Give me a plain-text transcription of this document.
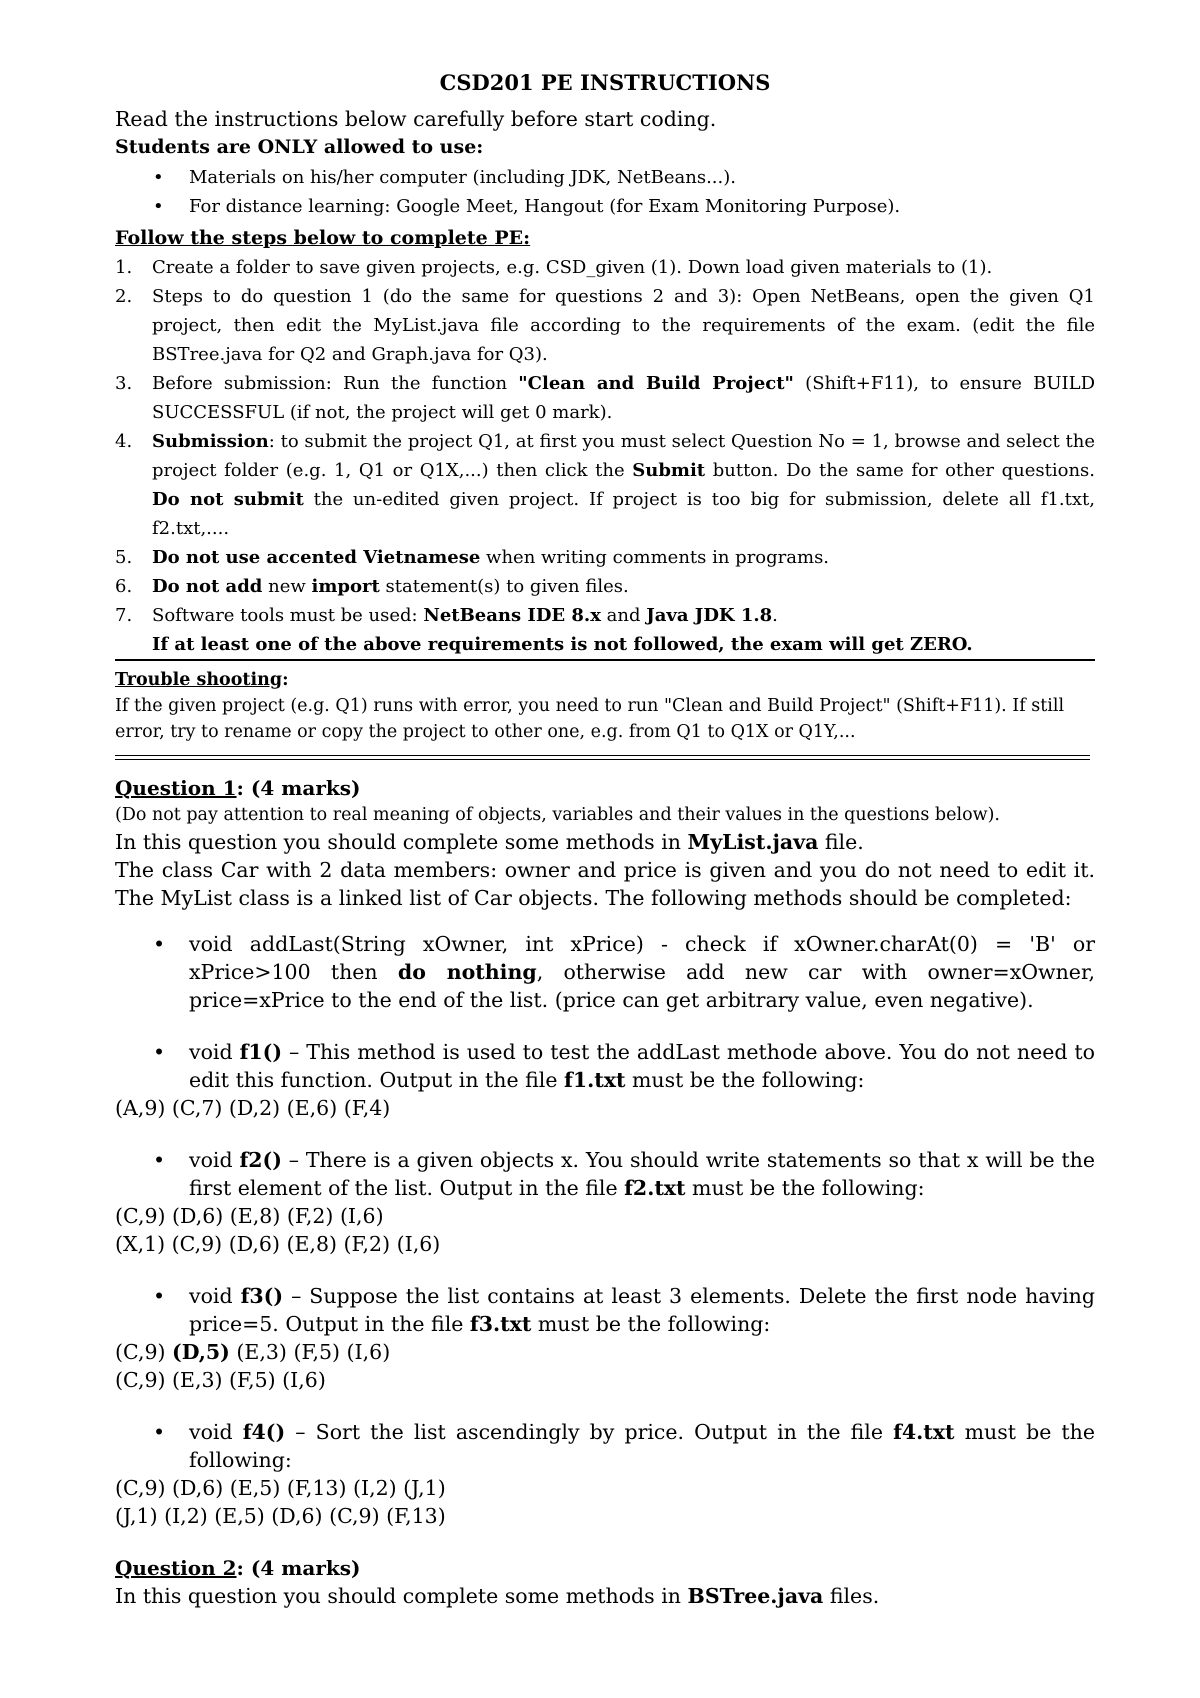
CSD201 PE INSTRUCTIONS

Read the instructions below carefully before start coding.

Students are ONLY allowed to use:

• Materials on his/her computer (including JDK, NetBeans...).
• For distance learning: Google Meet, Hangout (for Exam Monitoring Purpose).

Follow the steps below to complete PE:

1. Create a folder to save given projects, e.g. CSD_given (1). Down load given materials to (1).
2. Steps to do question 1 (do the same for questions 2 and 3): Open NetBeans, open the given Q1 project, then edit the MyList.java file according to the requirements of the exam. (edit the file BSTree.java for Q2 and Graph.java for Q3).
3. Before submission: Run the function "Clean and Build Project" (Shift+F11), to ensure BUILD SUCCESSFUL (if not, the project will get 0 mark).
4. Submission: to submit the project Q1, at first you must select Question No = 1, browse and select the project folder (e.g. 1, Q1 or Q1X,...) then click the Submit button. Do the same for other questions. Do not submit the un-edited given project. If project is too big for submission, delete all f1.txt, f2.txt,....
5. Do not use accented Vietnamese when writing comments in programs.
6. Do not add new import statement(s) to given files.
7. Software tools must be used: NetBeans IDE 8.x and Java JDK 1.8.
If at least one of the above requirements is not followed, the exam will get ZERO.
Trouble shooting:
If the given project (e.g. Q1) runs with error, you need to run "Clean and Build Project" (Shift+F11). If still error, try to rename or copy the project to other one, e.g. from Q1 to Q1X or Q1Y,...
Question 1: (4 marks)
(Do not pay attention to real meaning of objects, variables and their values in the questions below).
In this question you should complete some methods in MyList.java file.
The class Car with 2 data members: owner and price is given and you do not need to edit it. The MyList class is a linked list of Car objects. The following methods should be completed:
• void addLast(String xOwner, int xPrice) - check if xOwner.charAt(0) = 'B' or xPrice>100 then do nothing, otherwise add new car with owner=xOwner, price=xPrice to the end of the list. (price can get arbitrary value, even negative).
• void f1() – This method is used to test the addLast methode above. You do not need to edit this function. Output in the file f1.txt must be the following:

(A,9) (C,7) (D,2) (E,6) (F,4)

• void f2() – There is a given objects x. You should write statements so that x will be the first element of the list. Output in the file f2.txt must be the following:

(C,9) (D,6) (E,8) (F,2) (I,6)

(X,1) (C,9) (D,6) (E,8) (F,2) (I,6)

• void f3() – Suppose the list contains at least 3 elements. Delete the first node having price=5. Output in the file f3.txt must be the following:

(C,9) (D,5) (E,3) (F,5) (I,6)

(C,9) (E,3) (F,5) (I,6)

• void f4() – Sort the list ascendingly by price. Output in the file f4.txt must be the following:

(C,9) (D,6) (E,5) (F,13) (I,2) (J,1)

(J,1) (I,2) (E,5) (D,6) (C,9) (F,13)

Question 2: (4 marks)
In this question you should complete some methods in BSTree.java files.
